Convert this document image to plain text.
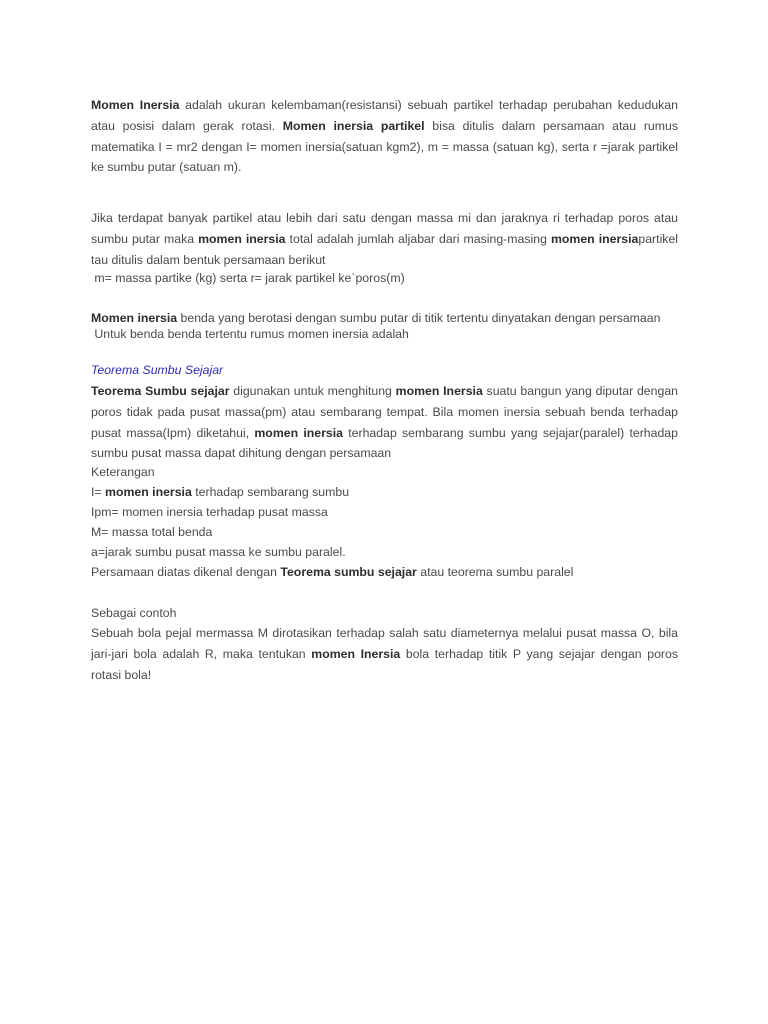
Momen Inersia adalah ukuran kelembaman(resistansi) sebuah partikel terhadap perubahan kedudukan atau posisi dalam gerak rotasi. Momen inersia partikel bisa ditulis dalam persamaan atau rumus matematika I = mr2 dengan I= momen inersia(satuan kgm2), m = massa (satuan kg), serta r =jarak partikel ke sumbu putar (satuan m).

Jika terdapat banyak partikel atau lebih dari satu dengan massa mi dan jaraknya ri terhadap poros atau sumbu putar maka momen inersia total adalah jumlah aljabar dari masing-masing momen inersiapartikel tau ditulis dalam bentuk persamaan berikut

m= massa partike (kg) serta r= jarak partikel ke`poros(m)
Momen inersia benda yang berotasi dengan sumbu putar di titik tertentu dinyatakan dengan persamaan
Untuk benda benda tertentu rumus momen inersia adalah
Teorema Sumbu Sejajar

Teorema Sumbu sejajar digunakan untuk menghitung momen Inersia suatu bangun yang diputar dengan poros tidak pada pusat massa(pm) atau sembarang tempat. Bila momen inersia sebuah benda terhadap pusat massa(Ipm) diketahui, momen inersia terhadap sembarang sumbu yang sejajar(paralel) terhadap sumbu pusat massa dapat dihitung dengan persamaan

Keterangan
I= momen inersia terhadap sembarang sumbu
Ipm= momen inersia terhadap pusat massa
M= massa total benda
a=jarak sumbu pusat massa ke sumbu paralel.
Persamaan diatas dikenal dengan Teorema sumbu sejajar atau teorema sumbu paralel
Sebagai contoh

Sebuah bola pejal mermassa M dirotasikan terhadap salah satu diameternya melalui pusat massa O, bila jari-jari bola adalah R, maka tentukan momen Inersia bola terhadap titik P yang sejajar dengan poros rotasi bola!
